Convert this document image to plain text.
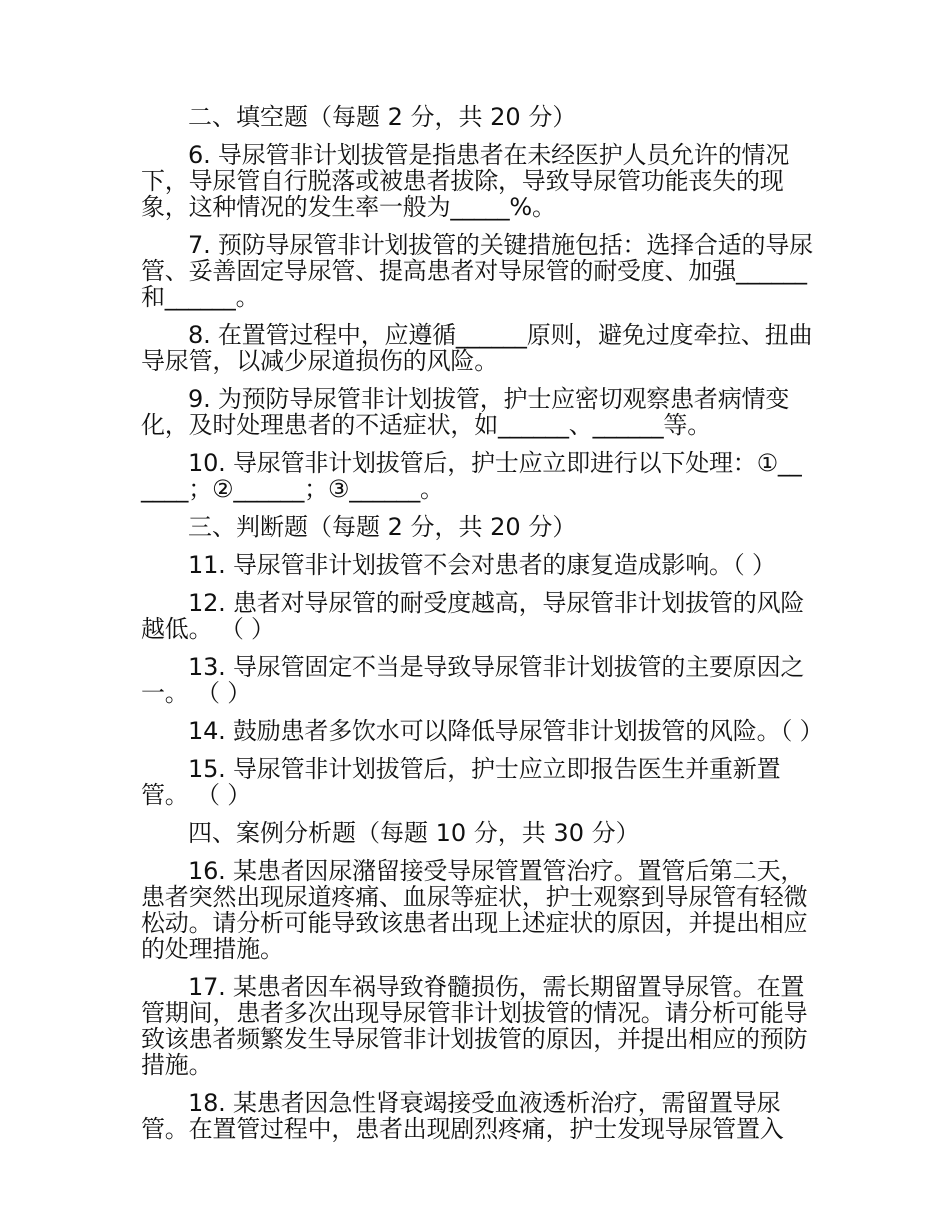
二、填空题（每题 2 分，共 20 分）
6. 导尿管非计划拔管是指患者在未经医护人员允许的情况下，导尿管自行脱落或被患者拔除，导致导尿管功能丧失的现象，这种情况的发生率一般为_____%。
7. 预防导尿管非计划拔管的关键措施包括：选择合适的导尿管、妥善固定导尿管、提高患者对导尿管的耐受度、加强______和______。
8. 在置管过程中，应遵循______原则，避免过度牵拉、扭曲导尿管，以减少尿道损伤的风险。
9. 为预防导尿管非计划拔管，护士应密切观察患者病情变化，及时处理患者的不适症状，如______、______等。
10. 导尿管非计划拔管后，护士应立即进行以下处理：①______；②______；③______。
三、判断题（每题 2 分，共 20 分）
11. 导尿管非计划拔管不会对患者的康复造成影响。（ ）
12. 患者对导尿管的耐受度越高，导尿管非计划拔管的风险越低。 （ ）
13. 导尿管固定不当是导致导尿管非计划拔管的主要原因之一。 （ ）
14. 鼓励患者多饮水可以降低导尿管非计划拔管的风险。（ ）
15. 导尿管非计划拔管后，护士应立即报告医生并重新置管。 （ ）
四、案例分析题（每题 10 分，共 30 分）
16. 某患者因尿潴留接受导尿管置管治疗。置管后第二天，患者突然出现尿道疼痛、血尿等症状，护士观察到导尿管有轻微松动。请分析可能导致该患者出现上述症状的原因，并提出相应的处理措施。
17. 某患者因车祸导致脊髓损伤，需长期留置导尿管。在置管期间，患者多次出现导尿管非计划拔管的情况。请分析可能导致该患者频繁发生导尿管非计划拔管的原因，并提出相应的预防措施。
18. 某患者因急性肾衰竭接受血液透析治疗，需留置导尿管。在置管过程中，患者出现剧烈疼痛，护士发现导尿管置入
